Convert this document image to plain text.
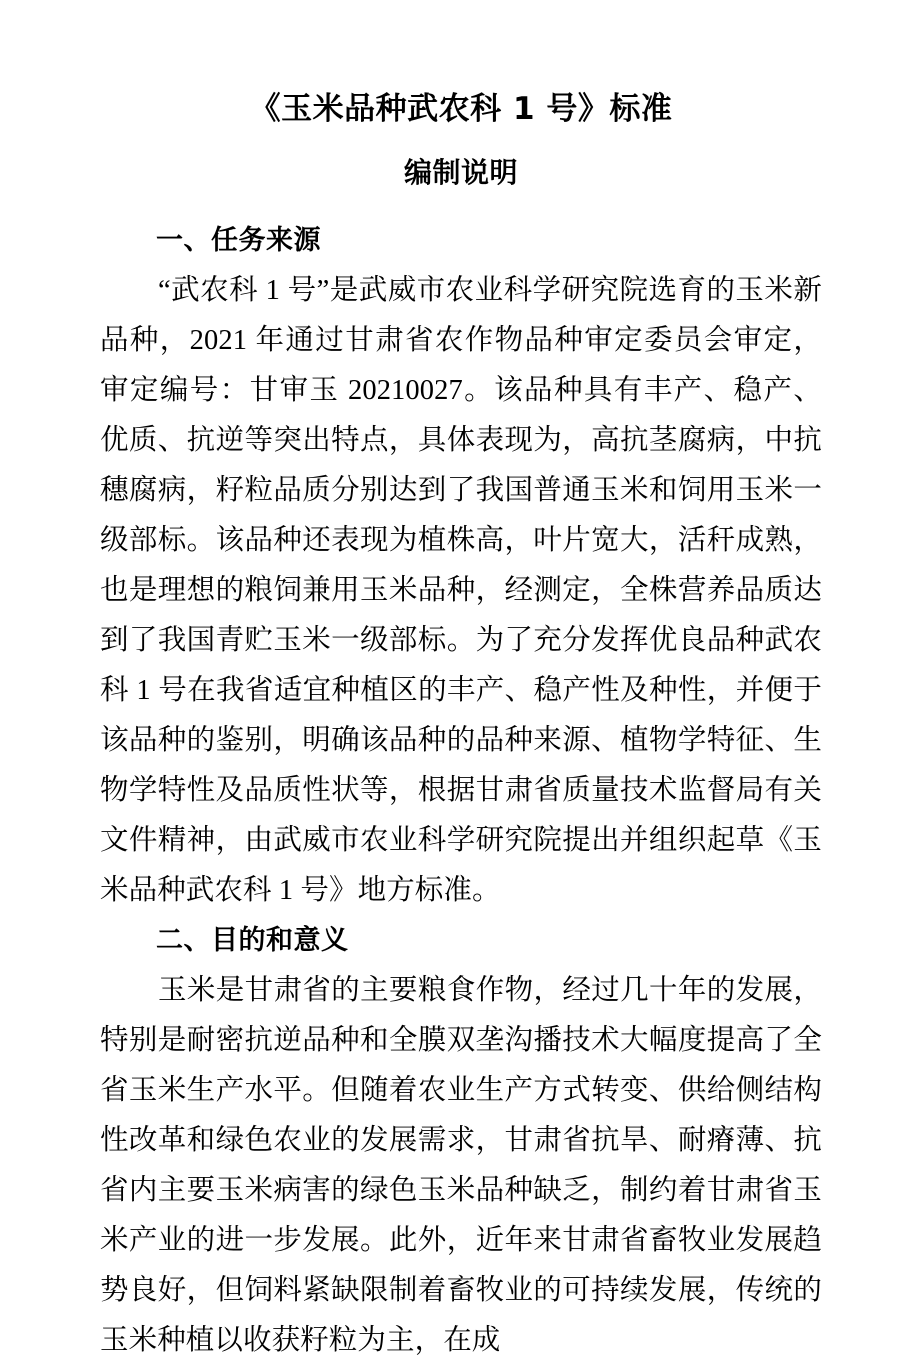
《玉米品种武农科 1 号》标准
编制说明
一、任务来源

“武农科 1 号”是武威市农业科学研究院选育的玉米新品种，2021 年通过甘肃省农作物品种审定委员会审定，审定编号：甘审玉 20210027。该品种具有丰产、稳产、优质、抗逆等突出特点，具体表现为，高抗茎腐病，中抗穗腐病，籽粒品质分别达到了我国普通玉米和饲用玉米一级部标。该品种还表现为植株高，叶片宽大，活秆成熟，也是理想的粮饲兼用玉米品种，经测定，全株营养品质达到了我国青贮玉米一级部标。为了充分发挥优良品种武农科 1 号在我省适宜种植区的丰产、稳产性及种性，并便于该品种的鉴别，明确该品种的品种来源、植物学特征、生物学特性及品质性状等，根据甘肃省质量技术监督局有关文件精神，由武威市农业科学研究院提出并组织起草《玉米品种武农科 1 号》地方标准。

二、目的和意义

玉米是甘肃省的主要粮食作物，经过几十年的发展，特别是耐密抗逆品种和全膜双垄沟播技术大幅度提高了全省玉米生产水平。但随着农业生产方式转变、供给侧结构性改革和绿色农业的发展需求，甘肃省抗旱、耐瘠薄、抗省内主要玉米病害的绿色玉米品种缺乏，制约着甘肃省玉米产业的进一步发展。此外，近年来甘肃省畜牧业发展趋势良好，但饲料紧缺限制着畜牧业的可持续发展，传统的玉米种植以收获籽粒为主，在成
